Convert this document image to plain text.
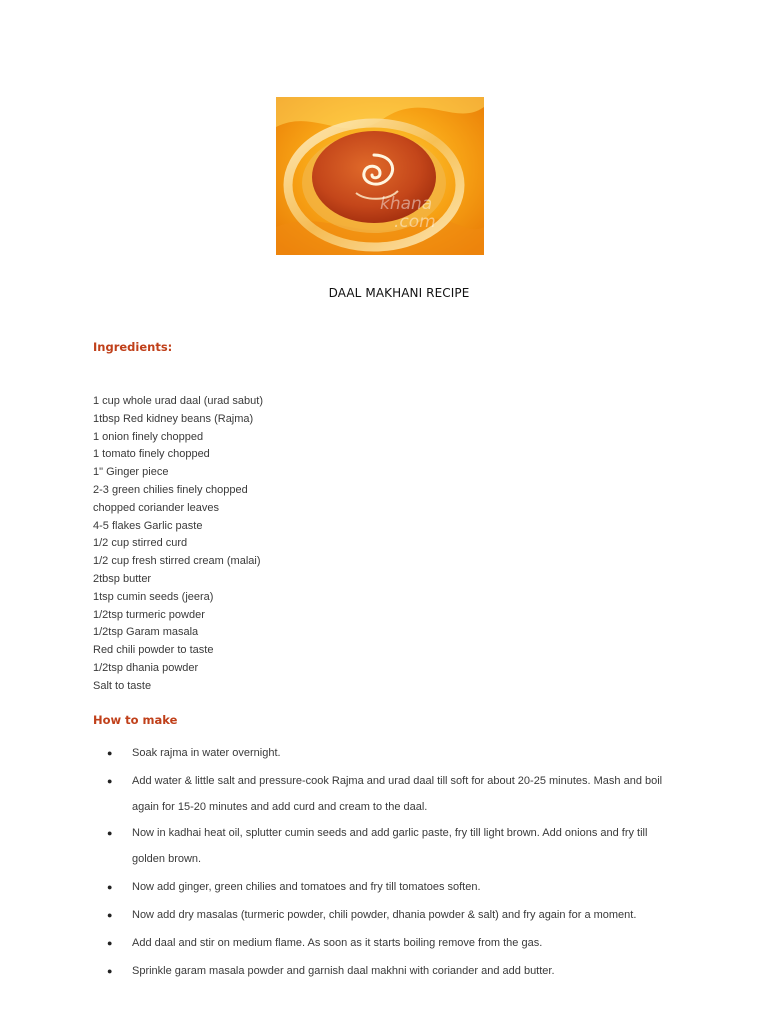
khana
.com
DAAL MAKHANI RECIPE
Ingredients:
1 cup whole urad daal (urad sabut)
1tbsp Red kidney beans (Rajma)
1 onion finely chopped
1 tomato finely chopped
1" Ginger piece
2-3 green chilies finely chopped
chopped coriander leaves
4-5 flakes Garlic paste
1/2 cup stirred curd
1/2 cup fresh stirred cream (malai)
2tbsp butter
1tsp cumin seeds (jeera)
1/2tsp turmeric powder
1/2tsp Garam masala
Red chili powder to taste
1/2tsp dhania powder
Salt to taste
How to make
● Soak rajma in water overnight.
● Add water & little salt and pressure-cook Rajma and urad daal till soft for about 20-25 minutes. Mash and boil again for 15-20 minutes and add curd and cream to the daal.
● Now in kadhai heat oil, splutter cumin seeds and add garlic paste, fry till light brown. Add onions and fry till golden brown.
● Now add ginger, green chilies and tomatoes and fry till tomatoes soften.
● Now add dry masalas (turmeric powder, chili powder, dhania powder & salt) and fry again for a moment.
● Add daal and stir on medium flame. As soon as it starts boiling remove from the gas.
● Sprinkle garam masala powder and garnish daal makhni with coriander and add butter.
